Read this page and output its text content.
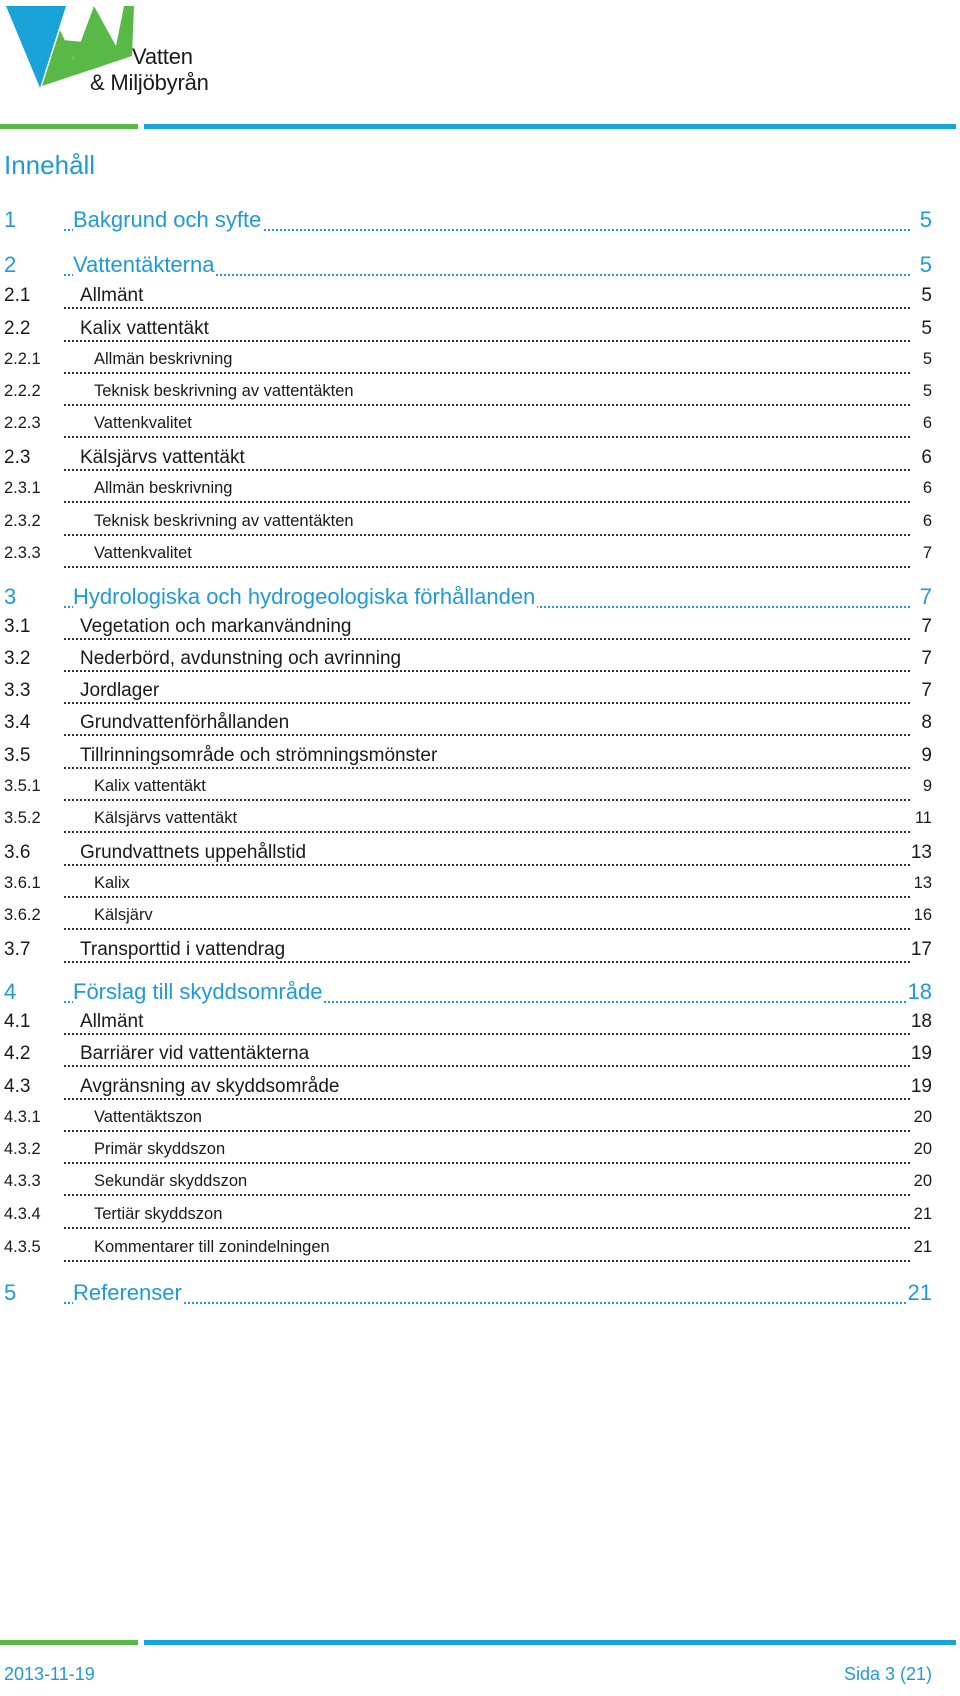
Vatten
& Miljöbyrån
Innehåll
1	Bakgrund och syfte	5
2	Vattentäkterna	5
2.1	Allmänt	5
2.2	Kalix vattentäkt	5
2.2.1	Allmän beskrivning	5
2.2.2	Teknisk beskrivning av vattentäkten	5
2.2.3	Vattenkvalitet	6
2.3	Kälsjärvs vattentäkt	6
2.3.1	Allmän beskrivning	6
2.3.2	Teknisk beskrivning av vattentäkten	6
2.3.3	Vattenkvalitet	7
3	Hydrologiska och hydrogeologiska förhållanden	7
3.1	Vegetation och markanvändning	7
3.2	Nederbörd, avdunstning och avrinning	7
3.3	Jordlager	7
3.4	Grundvattenförhållanden	8
3.5	Tillrinningsområde och strömningsmönster	9
3.5.1	Kalix vattentäkt	9
3.5.2	Kälsjärvs vattentäkt	11
3.6	Grundvattnets uppehållstid	13
3.6.1	Kalix	13
3.6.2	Kälsjärv	16
3.7	Transporttid i vattendrag	17
4	Förslag till skyddsområde	18
4.1	Allmänt	18
4.2	Barriärer vid vattentäkterna	19
4.3	Avgränsning av skyddsområde	19
4.3.1	Vattentäktszon	20
4.3.2	Primär skyddszon	20
4.3.3	Sekundär skyddszon	20
4.3.4	Tertiär skyddszon	21
4.3.5	Kommentarer till zonindelningen	21
5	Referenser	21
2013-11-19	Sida 3 (21)
